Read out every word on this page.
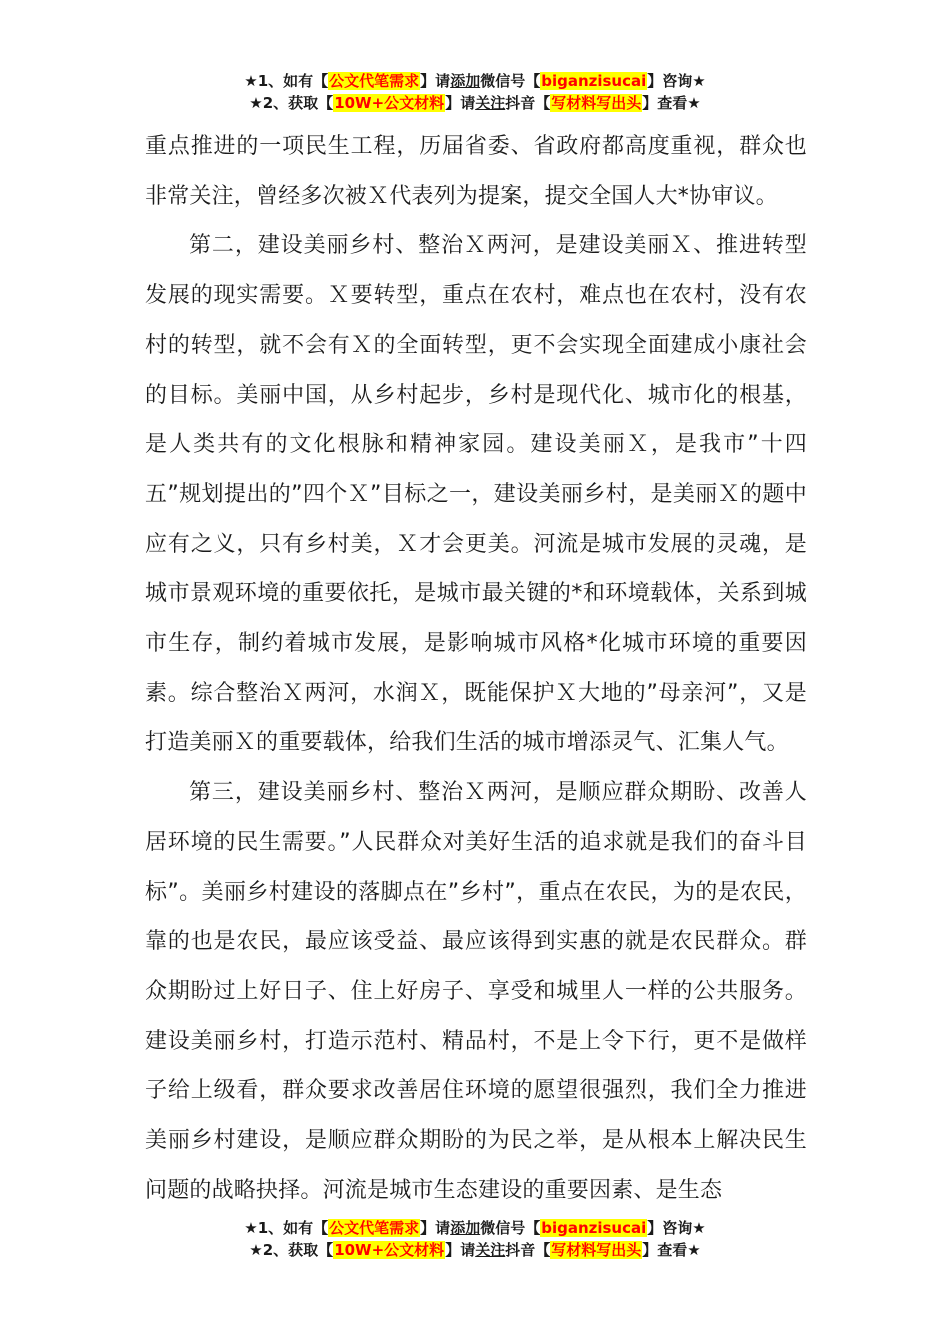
★1、如有【公文代笔需求】请添加微信号【biganzisucai】咨询★
★2、获取【10W+公文材料】请关注抖音【写材料写出头】查看★

重点推进的一项民生工程，历届省委、省政府都高度重视，群众也非常关注，曾经多次被Ｘ代表列为提案，提交全国人大*协审议。

第二，建设美丽乡村、整治Ｘ两河，是建设美丽Ｘ、推进转型发展的现实需要。Ｘ要转型，重点在农村，难点也在农村，没有农村的转型，就不会有Ｘ的全面转型，更不会实现全面建成小康社会的目标。美丽中国，从乡村起步，乡村是现代化、城市化的根基，是人类共有的文化根脉和精神家园。建设美丽Ｘ，是我市”十四五”规划提出的”四个Ｘ”目标之一，建设美丽乡村，是美丽Ｘ的题中应有之义，只有乡村美，Ｘ才会更美。河流是城市发展的灵魂，是城市景观环境的重要依托，是城市最关键的*和环境载体，关系到城市生存，制约着城市发展，是影响城市风格*化城市环境的重要因素。综合整治Ｘ两河，水润Ｘ，既能保护Ｘ大地的”母亲河”，又是打造美丽Ｘ的重要载体，给我们生活的城市增添灵气、汇集人气。

第三，建设美丽乡村、整治Ｘ两河，是顺应群众期盼、改善人居环境的民生需要。”人民群众对美好生活的追求就是我们的奋斗目标”。美丽乡村建设的落脚点在”乡村”，重点在农民，为的是农民，靠的也是农民，最应该受益、最应该得到实惠的就是农民群众。群众期盼过上好日子、住上好房子、享受和城里人一样的公共服务。建设美丽乡村，打造示范村、精品村，不是上令下行，更不是做样子给上级看，群众要求改善居住环境的愿望很强烈，我们全力推进美丽乡村建设，是顺应群众期盼的为民之举，是从根本上解决民生问题的战略抉择。河流是城市生态建设的重要因素、是生态

★1、如有【公文代笔需求】请添加微信号【biganzisucai】咨询★
★2、获取【10W+公文材料】请关注抖音【写材料写出头】查看★
